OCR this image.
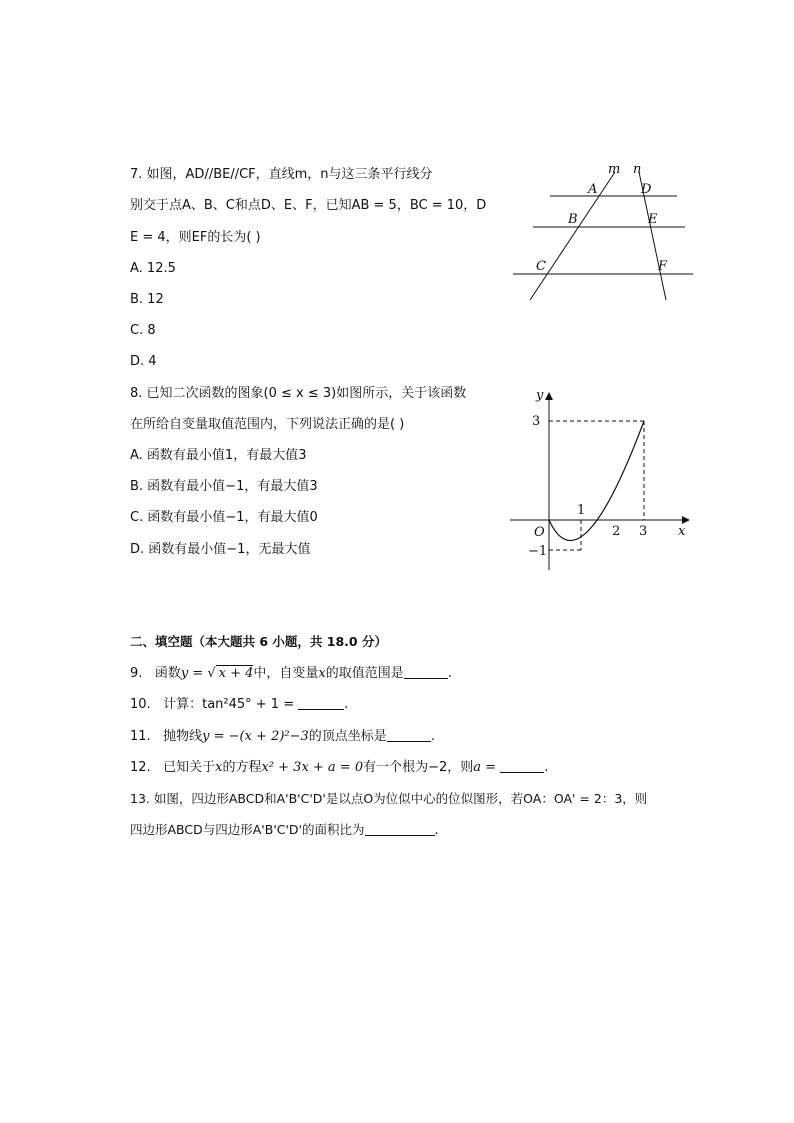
7. 如图，AD//BE//CF，直线m，n与这三条平行线分
别交于点A、B、C和点D、E、F，已知AB = 5，BC = 10，D
E = 4，则EF的长为( )
A. 12.5
B. 12
C. 8
D. 4
m n
A	D
B	E
C	F
8. 已知二次函数的图象(0 ≤ x ≤ 3)如图所示，关于该函数
在所给自变量取值范围内，下列说法正确的是( )
A. 函数有最小值1，有最大值3
B. 函数有最小值−1，有最大值3
C. 函数有最小值−1，有最大值0
D. 函数有最小值−1，无最大值
y
x
O
3
−1
1
2 3
二、填空题（本大题共 6 小题，共 18.0 分）
9. 函数y = √ x + 4中，自变量x的取值范围是	.
10. 计算：tan²45° + 1 =	.
11. 抛物线y = −(x + 2)²−3的顶点坐标是	.
12. 已知关于x的方程x² + 3x + a = 0有一个根为−2，则a =	.
13. 如图，四边形ABCD和A'B'C'D'是以点O为位似中心的位似图形，若OA：OA' = 2：3，则
四边形ABCD与四边形A'B'C'D'的面积比为	.
